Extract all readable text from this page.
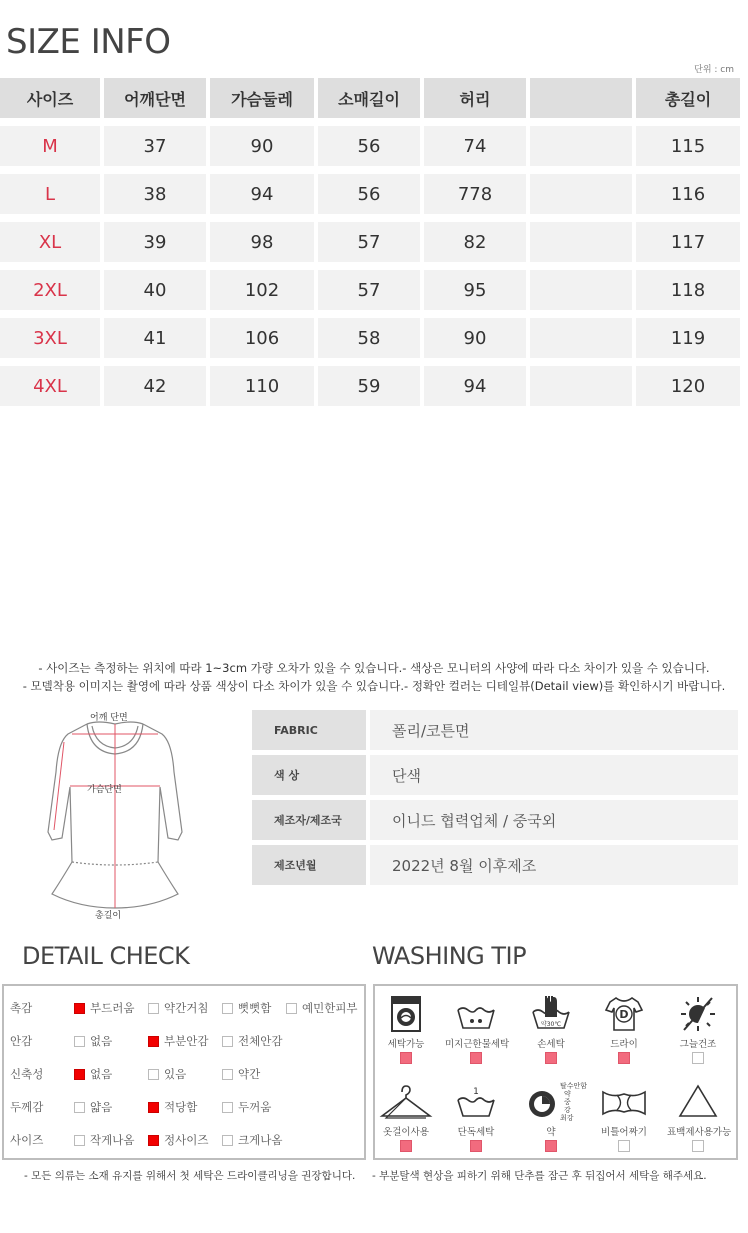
SIZE INFO
단위 : cm
사이즈	어깨단면	가슴둘레	소매길이	허리		총길이

M	37	90	56	74		115

L	38	94	56	778		116

XL	39	98	57	82		117

2XL	40	102	57	95		118

3XL	41	106	58	90		119

4XL	42	110	59	94		120
- 사이즈는 측정하는 위치에 따라 1~3cm 가량 오차가 있을 수 있습니다.- 색상은 모니터의 사양에 따라 다소 차이가 있을 수 있습니다.
- 모델착용 이미지는 촬영에 따라 상품 색상이 다소 차이가 있을 수 있습니다.- 정확안 컬러는 디테일뷰(Detail view)를 확인하시기 바랍니다.
어깨 단면
가슴단면
총길이
FABRIC	폴리/코튼면
색 상	단색
제조자/제조국	이니드 협력업체 / 중국외
제조년월	2022년 8월 이후제조
DETAIL CHECK
촉감	부드러움	약간거침	뻣뻣함	예민한피부
안감	없음	부분안감	전체안감
신축성	없음	있음	약간
두께감	얇음	적당함	두꺼움
사이즈	작게나옴	정사이즈	크게나옴
WASHING TIP
세탁가능	미지근한물세탁
약30℃
손세탁
D
드라이	그늘건조
옷걸이사용
1
단독세탁
탈수안함
약
중
강
최강
약	비틀어짜기	표백제사용가능
- 모든 의류는 소재 유지를 위해서 첫 세탁은 드라이클리닝을 권장합니다. - 부분탈색 현상을 피하기 위해 단추를 잠근 후 뒤집어서 세탁을 해주세요.
